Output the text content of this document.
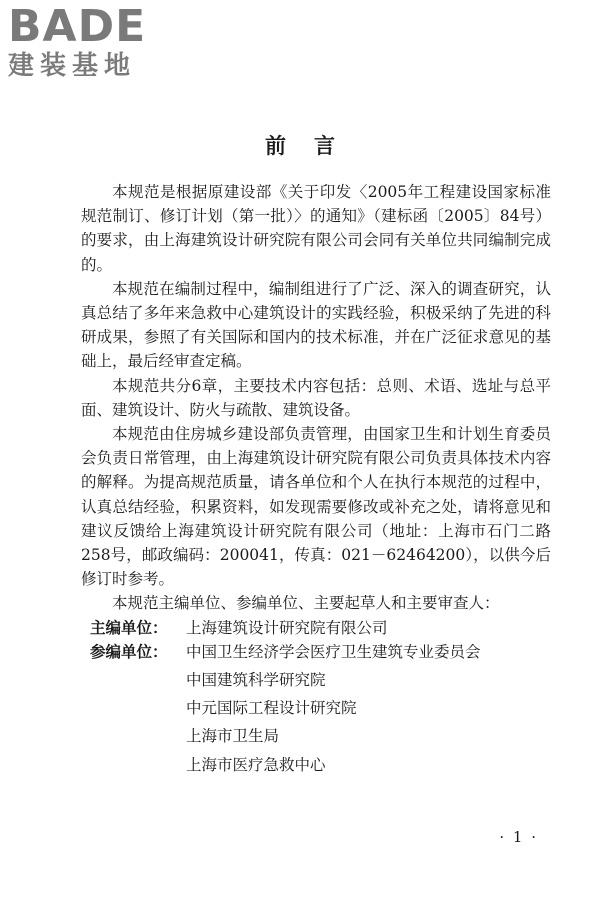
BADE
建装基地
前言

本规范是根据原建设部《关于印发〈2005年工程建设国家标准规范制订、修订计划（第一批）〉的通知》（建标函〔2005〕84号）的要求，由上海建筑设计研究院有限公司会同有关单位共同编制完成的。

本规范在编制过程中，编制组进行了广泛、深入的调查研究，认真总结了多年来急救中心建筑设计的实践经验，积极采纳了先进的科研成果，参照了有关国际和国内的技术标准，并在广泛征求意见的基础上，最后经审查定稿。

本规范共分6章，主要技术内容包括：总则、术语、选址与总平面、建筑设计、防火与疏散、建筑设备。

本规范由住房城乡建设部负责管理，由国家卫生和计划生育委员会负责日常管理，由上海建筑设计研究院有限公司负责具体技术内容的解释。为提高规范质量，请各单位和个人在执行本规范的过程中，认真总结经验，积累资料，如发现需要修改或补充之处，请将意见和建议反馈给上海建筑设计研究院有限公司（地址：上海市石门二路258号，邮政编码：200041，传真：021－62464200），以供今后修订时参考。

本规范主编单位、参编单位、主要起草人和主要审查人：

主编单位：	上海建筑设计研究院有限公司
参编单位：	中国卫生经济学会医疗卫生建筑专业委员会
中国建筑科学研究院
中元国际工程设计研究院
上海市卫生局
上海市医疗急救中心
· 1 ·
